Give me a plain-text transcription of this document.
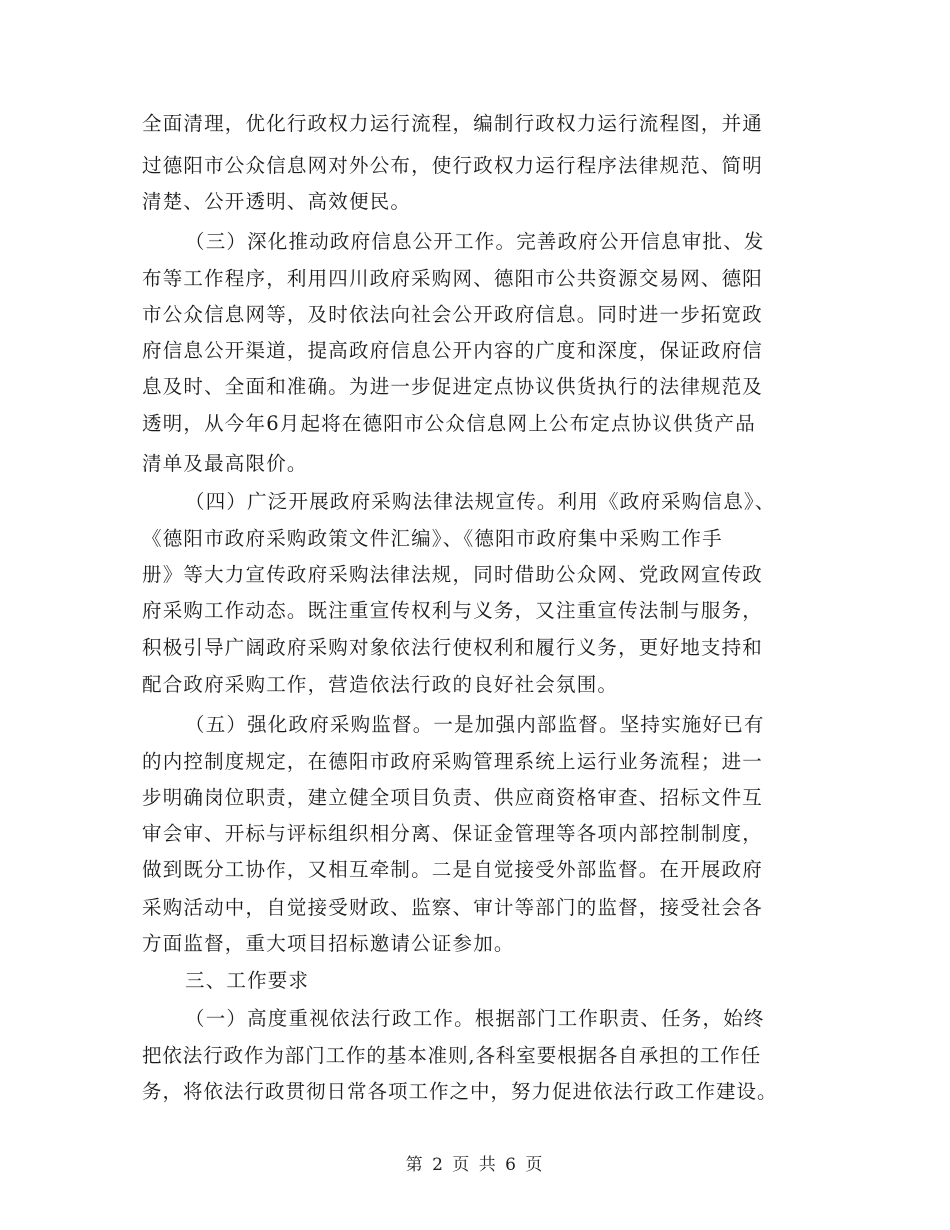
全面清理，优化行政权力运行流程，编制行政权力运行流程图，并通
过德阳市公众信息网对外公布，使行政权力运行程序法律规范、简明
清楚、公开透明、高效便民。
（三）深化推动政府信息公开工作。完善政府公开信息审批、发
布等工作程序，利用四川政府采购网、德阳市公共资源交易网、德阳
市公众信息网等，及时依法向社会公开政府信息。同时进一步拓宽政
府信息公开渠道，提高政府信息公开内容的广度和深度，保证政府信
息及时、全面和准确。为进一步促进定点协议供货执行的法律规范及
透明，从今年6月起将在德阳市公众信息网上公布定点协议供货产品
清单及最高限价。
（四）广泛开展政府采购法律法规宣传。利用《政府采购信息》、
《德阳市政府采购政策文件汇编》、《德阳市政府集中采购工作手
册》等大力宣传政府采购法律法规，同时借助公众网、党政网宣传政
府采购工作动态。既注重宣传权利与义务，又注重宣传法制与服务，
积极引导广阔政府采购对象依法行使权利和履行义务，更好地支持和
配合政府采购工作，营造依法行政的良好社会氛围。
（五）强化政府采购监督。一是加强内部监督。坚持实施好已有
的内控制度规定，在德阳市政府采购管理系统上运行业务流程；进一
步明确岗位职责，建立健全项目负责、供应商资格审查、招标文件互
审会审、开标与评标组织相分离、保证金管理等各项内部控制制度，
做到既分工协作，又相互牵制。二是自觉接受外部监督。在开展政府
采购活动中，自觉接受财政、监察、审计等部门的监督，接受社会各
方面监督，重大项目招标邀请公证参加。
三、工作要求
（一）高度重视依法行政工作。根据部门工作职责、任务，始终
把依法行政作为部门工作的基本准则,各科室要根据各自承担的工作任
务，将依法行政贯彻日常各项工作之中，努力促进依法行政工作建设。
第 2 页 共 6 页
